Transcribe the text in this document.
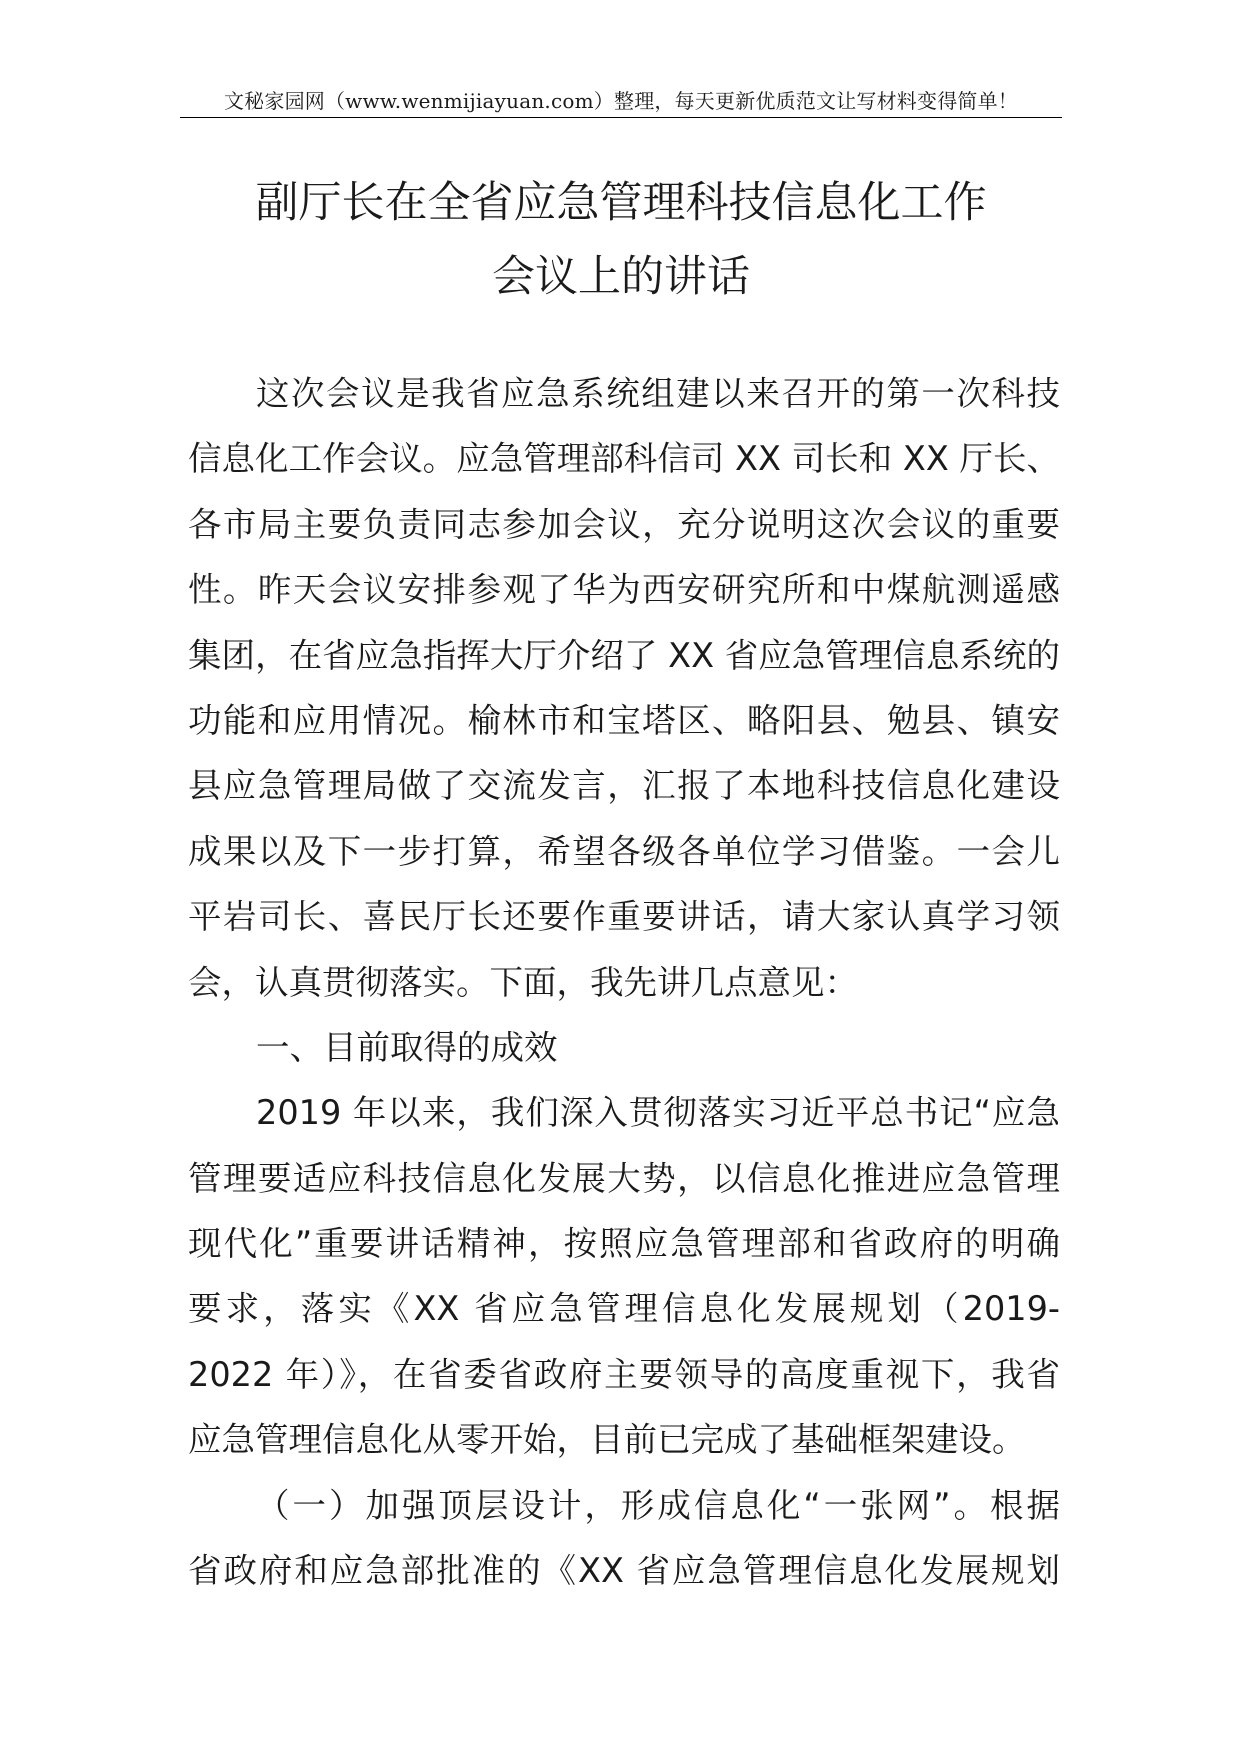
文秘家园网（www.wenmijiayuan.com）整理，每天更新优质范文让写材料变得简单！
副厅长在全省应急管理科技信息化工作
会议上的讲话
这次会议是我省应急系统组建以来召开的第一次科技
信息化工作会议。应急管理部科信司 XX 司长和 XX 厅长、
各市局主要负责同志参加会议，充分说明这次会议的重要
性。昨天会议安排参观了华为西安研究所和中煤航测遥感
集团，在省应急指挥大厅介绍了 XX 省应急管理信息系统的
功能和应用情况。榆林市和宝塔区、略阳县、勉县、镇安
县应急管理局做了交流发言，汇报了本地科技信息化建设
成果以及下一步打算，希望各级各单位学习借鉴。一会儿
平岩司长、喜民厅长还要作重要讲话，请大家认真学习领
会，认真贯彻落实。下面，我先讲几点意见：
一、目前取得的成效
2019 年以来，我们深入贯彻落实习近平总书记“应急
管理要适应科技信息化发展大势，以信息化推进应急管理
现代化”重要讲话精神，按照应急管理部和省政府的明确
要求，落实《XX 省应急管理信息化发展规划（2019-
2022 年）》，在省委省政府主要领导的高度重视下，我省
应急管理信息化从零开始，目前已完成了基础框架建设。
（一）加强顶层设计，形成信息化“一张网”。根据
省政府和应急部批准的《XX 省应急管理信息化发展规划
